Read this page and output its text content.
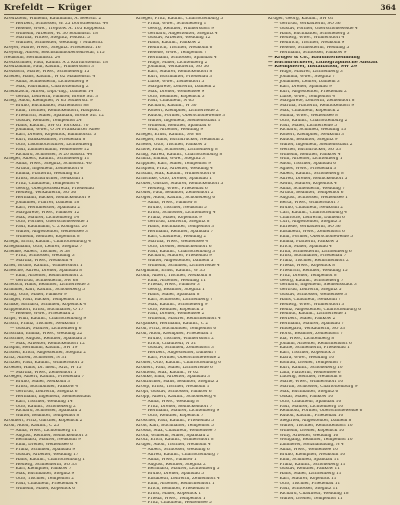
Krefeldt — Krüger	364
Kreutzfeld, Wilhelm, Kaufmann, A. Beerstr. 2
— Herbert, Schlosser, W. 25 Dorotheenstr. 44
— Helene, Wwe., Treptow. A. 105 Koppelstr.
— Wilhelm, Arbeiter, W. 30 Rolandstr. 18
— Martha, Witwe, Steglitz, Feldstr. 5
— Walther, Schneider, Wedding 7 Mülleritr.
Kreyer, Marie, Wwe., Steglitz. Friedenstr. 16
Kreyssig, Alfred, Reichsbahnobersekretär, 115
Neukölln, Hermannstr. 24
Kretzschmer, Paul, Kaufm. A 2 Kurfürstenstr. 18
Kreutzmann, Paul, Kaufm., Wilmersdorf 3
Krezdorn, Marie, Wwe., Schöneberg 15
Kriebel, Hans, Kaufm., W 62 Maaßenstr. 4
— Anna, Schneiderin, Lichtenberg 9
— Max, Fabrikant, Charlottenburg 2
Kriebitzsch, Alfred, Dipl.-Ing., Dahlem 14
— Gerda, Lehrerin, Pankow, Breite Str. 3
Krieg, Adolf, Klempner, N 65 Müllerstr. 9
— Bruno, Buchhalter, Mariendorf 88
— Emil, Tischler, Reinickendorf, Hauptstr.
— Friedrich, Maler, Spandau, Breite Str. 12
— Gustav, Rentner, Tempelhof 24
— Hans, Kaufm., SW 61 Yorckstr. 70
— Johanna, Wwe., O 34 Frankfurter Allee
— Karl, Dreher, Köpenick, Bahnhofstr. 3
— Kurt, Bankbeamter, Friedenau 8
— Otto, Lokomotivführer, Lichtenberg
— Paul, Zimmermann, Weißensee 12
— Richard, Schlosser, N 20 Badstr. 44
Krieger, Albert, Kaufm., Schöneberg 11
— Anna, Wwe., Steglitz, Schloßstr. 40
— Arthur, Ingenieur, Zehlendorf 6
— Emma, Plätterin, Wedding 65
— Ernst, Buchdrucker, Neukölln 1
— Fritz, Chauffeur, Tempelhof 4
— Georg, Oberpostsekretär, Friedenau
— Hedwig, Verkäuferin, SO 36
— Hermann, Bäcker, Reinickendorf 9
— Johannes, Pfarrer, Dahlem 18
— Karl, Werkmeister, Spandau 2
— Margarete, Wwe., Pankow 12
— Max, Maurer, Lichtenberg 14
— Otto, Former, Oberschöneweide 1
— Paul, Kaufmann, C 2 Königstr. 20
— Walter, Angestellter, Weißensee 3
— Wilhelm, Rentner, Köpenick 8
Kriegk, Erich, Kaufm., Charlottenburg 4
Kriegsmann, Otto, Lehrer, Steglitz 7
Krienke, Albert, Tischler, N 58
— Fritz, Schlosser, Wedding 3
— Martha, Wwe., Neukölln 4
Kries, Bruno, Kaufm., Wilmersdorf 1
Kriesche, Alfred, Dreher, Spandau 8
— Emil, Arbeiter, Reinickendorf 2
— Gertrud, Schneiderin, SW 68
Krietsch, Hans, Beamter, Lichterfelde 3
Krimmel, Karl, Kaufm., Schöneberg 5
Kring, Otto, Maler, Pankow 9
Kringel, Paul, Bäcker, Tempelhof 11
Krinke, Richard, Schmied, Köpenick 4
Krippendorf, Ernst, Buchhalter, O 17
— Helene, Wwe., Friedenau 2
Krips, Willi, Kaufm., Charlottenburg 9
Krisch, Franz, Tischler, Neukölln 7
— Gustav, Maurer, Lichtenberg 6
Krischan, Emma, Wwe., Wedding 22
Krischke, August, Rentner, Spandau 3
— Max, Arbeiter, Reinickendorf 12
Krispin, Hermann, Kaufm., SW 19
Kristen, Erich, Angestellter, Steglitz 2
Kritz, Alfred, Schlosser, N 31
Kritzler, Paul, Kaufm., Wilmersdorf 5
Kroeber, Hans, Dr. med., Arzt, W 15
— Martha, Wwe., Zehlendorf 1
Kroeger, Albert, Kaufm., Friedenau 7
— Bruno, Maler, Neukölln 3
— Ernst, Buchbinder, Pankow 4
— Gertrud, Lehrerin, Steglitz 6
— Hermann, Ingenieur, Siemensstadt
— Karl, Tischler, Wedding 14
— Otto, Kaufm., Schöneberg 2
— Richard, Schlosser, Spandau 5
— Walter, Beamter, Tempelhof 8
Kröhnert, Fritz, Gärtner, Köpenick 2
Kroll, Adolf, Kaufm., C 25
— Anna, Wwe., Lichtenberg 11
— August, Rentner, Reinickendorf 3
— Bernhard, Maurer, Neukölln 9
— Emil, Dreher, Weißensee 6
— Franz, Schmied, Spandau 9
— Gustav, Arbeiter, Wedding 17
— Hans, Kaufm., Charlottenburg 1
— Hedwig, Schneiderin, SO 33
— Karl, Klempner, Pankow 7
— Max, Buchhalter, Steglitz 9
— Otto, Tischler, Tempelhof 2
— Paul, Chauffeur, Friedenau 4
— Wilhelm, Maler, Köpenick 6
Krieger, Fritz, Kaufm., Charlottenburg 5
— Frida, Wwe., Schöneberg 1
— Georg, Rentner, Wilmersdorf 9
— Gerhard, Angestellter, Steglitz 4
— Gustav, Arbeiter, Wedding 12
— Hans, Kaufm., Pankow 2
— Heinrich, Tischler, Neukölln 6
— Helene, Wwe., Tempelhof 7
— Hermann, Schlosser, Spandau 4
— Hugo, Maler, Lichtenberg 2
— Johanna, Verkäuferin, SO 36
— Karl, Maurer, Reinickendorf 8
— Kurt, Buchhalter, Friedenau 3
— Luise, Wwe., Zehlendorf 5
— Margarete, Lehrerin, Dahlem 2
— Max, Dreher, Weißensee 9
— Otto, Beamter, Köpenick 3
— Paul, Chauffeur, N 65
— Richard, Kaufm., W 30
— Robert, Klempner, Lichterfelde 2
— Rudolf, Former, Oberschöneweide 3
— Walter, Ingenieur, Siemensstadt 1
— Wilhelm, Rentner, Spandau 6
— Willi, Arbeiter, Wedding 9
Kriegel, Ernst, Kaufm., SW 68
Kriegler, Hans, Buchdrucker, Neukölln 2
Kriesel, Otto, Tischler, Pankow 5
Krilow, Paul, Schlosser, Lichtenberg 8
Kring, Alfred, Kaufm., Charlottenburg 8
Krinitz, Emma, Wwe., Steglitz 3
Krippner, Karl, Maler, Tempelhof 9
Krispien, Fritz, Arbeiter, Wedding 4
Kristan, Max, Kaufm., Wilmersdorf 6
Kritschke, Otto, Dreher, Spandau 1
Kröber, Gustav, Maurer, Reinickendorf 5
— Hedwig, Wwe., Friedenau 6
Krödel, Paul, Beamter, Zehlendorf 2
Kröger, Adolf, Kaufm., Schöneberg 6
— Anna, Wwe., Pankow 8
— Bruno, Tischler, Neukölln 5
— Ernst, Schlosser, Lichtenberg 4
— Franz, Maler, Köpenick 9
— Gertrud, Lehrerin, Steglitz 8
— Hans, Buchhalter, Tempelhof 3
— Hermann, Rentner, Spandau 7
— Karl, Chauffeur, Wedding 2
— Martha, Wwe., Weißensee 4
— Otto, Dreher, Reinickendorf 6
— Paul, Kaufm., Charlottenburg 3
— Richard, Maurer, Friedenau 9
— Walter, Angestellter, Dahlem 5
— Wilhelm, Schmied, Lichterfelde 4
Krogmann, Ernst, Kaufm., W 35
Krohn, Albert, Tischler, Neukölln 8
— Emil, Arbeiter, Wedding 11
— Frieda, Wwe., Pankow 3
— Georg, Beamter, Steglitz 1
— Hans, Maler, Spandau 8
— Karl, Schlosser, Lichtenberg 7
— Max, Kaufm., Schöneberg 9
— Otto, Rentner, Köpenick 5
— Paul, Dreher, Weißensee 2
— Wilhelm, Maurer, Reinickendorf 4
Krojanker, Hermann, Kaufm., C 2
Kröll, Fritz, Buchbinder, Tempelhof 6
Kroll, Adolf, Klempner, Friedenau 1
— Bruno, Tischler, Wilmersdorf 2
— Erich, Chauffeur, N 31
— Gustav, Schmied, Zehlendorf 3
— Herbert, Angestellter, Dahlem 7
— Karl, Former, Oberschöneweide 2
Kroner, Otto, Kaufm., Charlottenburg 6
Krönert, Paul, Maler, Lichterfelde 6
Kronfeld, Max, Kaufm., W 62
Kronke, Emil, Arbeiter, Spandau 3
Kronzucker, Hans, Beamter, Steglitz 5
Kroop, Ernst, Tischler, Neukölln 1
Kropf, Gustav, Schlosser, Pankow 6
Kropp, Albert, Kaufm., Schöneberg 4
— Anna, Wwe., Wedding 8
— Fritz, Dreher, Reinickendorf 7
— Hermann, Maurer, Lichtenberg 9
— Otto, Rentner, Köpenick 7
Kroschel, Paul, Kaufm., Friedenau 5
Kroß, Karl, Buchhalter, Tempelhof 5
Krossa, Max, Chauffeur, Weißensee 7
Kroth, Wilhelm, Maler, Spandau 2
Krötz, Erich, Kaufm., Wilmersdorf 8
Krüger, Adolf, Tischler, Neukölln 4
— Albert, Schlosser, Wedding 6
— Alfred, Kaufm., Charlottenburg 7
— Anna, Wwe., Pankow 1
— August, Rentner, Steglitz 2
— Bernhard, Maurer, Lichtenberg 5
— Bruno, Dreher, Spandau 5
— Elisabeth, Lehrerin, Zehlendorf 4
— Emil, Arbeiter, Reinickendorf 1
— Erich, Beamter, Friedenau 8
— Ernst, Maler, Köpenick 1
— Frieda, Wwe., Tempelhof 1
— Fritz, Chauffeur, Weißensee 5
Krüger, Georg, Kaufm., SW 61
— Gertrud, Verkäuferin, SO 36
— Gustav, Former, Oberschöneweide 4
— Hans, Buchhalter, Schöneberg 3
— Hedwig, Wwe., Wilmersdorf 4
— Heinrich, Tischler, Neukölln 9
— Helene, Schneiderin, Wedding 5
— Hermann, Schlosser, Pankow 9
— Krüger & Co., Bauunternehmung
— Buchdruckerei, Lithographische Anstalt
— Klempnerei, Installation, SW 29
— Hugo, Maurer, Lichtenberg 3
— Johanna, Wwe., Steglitz 7
— Johannes, Lehrer, Dahlem 3
— Karl, Dreher, Spandau 9
— Kurt, Angestellter, Friedenau 2
— Luise, Wwe., Tempelhof 4
— Margarete, Lehrerin, Zehlendorf 8
— Martha, Plätterin, Reinickendorf 9
— Max, Chauffeur, Köpenick 2
— Minna, Wwe., Weißensee 8
— Otto, Kaufm., Charlottenburg 2
— Paul, Maler, Lichterfelde 5
— Richard, Schmied, Wedding 13
— Robert, Klempner, Neukölln 3
— Rudolf, Beamter, Steglitz 9
— Walter, Ingenieur, Siemensstadt 2
— Werner, Buchdrucker, SO 33
— Wilhelm, Rentner, Pankow 4
— Willi, Arbeiter, Lichtenberg 1
— Adolf, Tischler, Spandau 6
— Agnes, Wwe., Friedenau 3
— Albert, Kaufm., Schöneberg 8
— Alfred, Dreher, Reinickendorf 5
— Alwin, Maurer, Köpenick 4
— Anna, Schneiderin, Wedding 7
— Arthur, Beamter, Tempelhof 6
— August, Schlosser, Weißensee 1
— Berta, Wwe., Wilmersdorf 7
— Bruno, Chauffeur, Neukölln 2
— Carl, Kaufm., Charlottenburg 4
— Charlotte, Lehrerin, Dahlem 6
— Curt, Angestellter, Steglitz 3
— Elfriede, Verkäuferin, SO 36
— Elisabeth, Wwe., Zehlendorf 6
— Emil, Former, Oberschöneweide 5
— Emma, Plätterin, Pankow 5
— Erich, Maler, Spandau 4
— Erna, Schneiderin, Lichtenberg 6
— Ernst, Buchhalter, Friedenau 7
— Franz, Tischler, Reinickendorf 2
— Frieda, Wwe., Köpenick 8
— Friedrich, Rentner, Wedding 15
— Fritz, Dreher, Tempelhof 8
— Georg, Kaufm., Schöneberg 7
— Gerhard, Ingenieur, Siemensstadt 3
— Gertrud, Lehrerin, Steglitz 5
— Gustav, Schlosser, Weißensee 3
— Hans, Chauffeur, Neukölln 7
— Hedwig, Wwe., Wilmersdorf 3
— Heinz, Angestellter, Charlottenburg 6
— Helmut, Kaufm., Lichterfelde 1
— Herbert, Maler, Pankow 2
— Hermann, Maurer, Spandau 7
— Hildegard, Verkäuferin, SO 33
— Horst, Beamter, Zehlendorf 7
— Ida, Wwe., Lichtenberg 8
— Johann, Arbeiter, Reinickendorf 6
— Käthe, Schneiderin, Friedenau 1
— Karl, Tischler, Köpenick 3
— Klara, Wwe., Wedding 10
— Konrad, Dreher, Tempelhof 7
— Kurt, Kaufm., Schöneberg 10
— Lina, Plätterin, Weißensee 6
— Ludwig, Rentner, Neukölln 8
— Marie, Wwe., Wilmersdorf 10
— Martin, Schlosser, Charlottenburg 9
— Max, Buchhalter, Steglitz 6
— Oskar, Maler, Pankow 10
— Otto, Chauffeur, Spandau 10
— Paul, Maurer, Lichtenberg 10
— Reinhold, Former, Oberschöneweide 6
— Rudolf, Kaufm., Friedenau 10
— Siegfried, Angestellter, Dahlem 8
— Walter, Tischler, Reinickendorf 10
— Wilhelm, Dreher, Köpenick 10
— Willy, Arbeiter, Wedding 16
— Wolfgang, Beamter, Tempelhof 10
— Zimmerei, Holzhandlung, N 4
— Anna, Wwe., Weißensee 10
— Bruno, Klempner, Neukölln 10
— Emil, Schmied, Spandau 11
— Franz, Kaufm., Schöneberg 11
— Gustav, Rentner, Pankow 11
— Hans, Maler, Lichtenberg 11
— Karl, Maurer, Köpenick 11
— Otto, Tischler, Friedenau 11
— Paul, Schlosser, Steglitz 11
— Richard, Chauffeur, Wedding 18
— Walter, Dreher, Tempelhof 11
